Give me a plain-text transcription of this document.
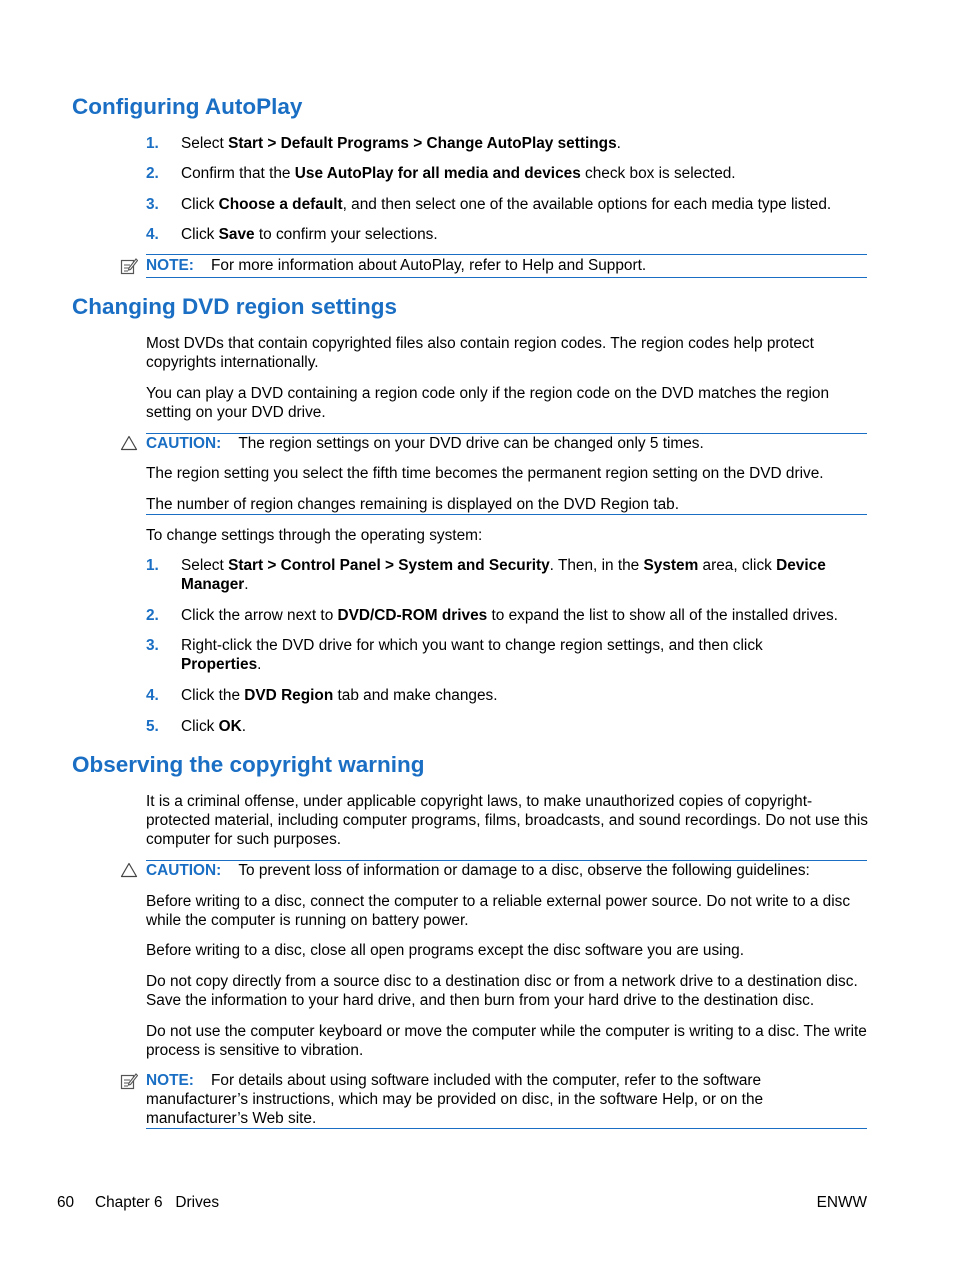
Configuring AutoPlay
1. Select Start > Default Programs > Change AutoPlay settings.
2. Confirm that the Use AutoPlay for all media and devices check box is selected.
3. Click Choose a default, and then select one of the available options for each media type listed.
4. Click Save to confirm your selections.
NOTE: For more information about AutoPlay, refer to Help and Support.
Changing DVD region settings
Most DVDs that contain copyrighted files also contain region codes. The region codes help protect copyrights internationally.
You can play a DVD containing a region code only if the region code on the DVD matches the region setting on your DVD drive.
CAUTION: The region settings on your DVD drive can be changed only 5 times.
The region setting you select the fifth time becomes the permanent region setting on the DVD drive.
The number of region changes remaining is displayed on the DVD Region tab.
To change settings through the operating system:
1. Select Start > Control Panel > System and Security. Then, in the System area, click Device Manager.
2. Click the arrow next to DVD/CD-ROM drives to expand the list to show all of the installed drives.
3. Right-click the DVD drive for which you want to change region settings, and then click Properties.
4. Click the DVD Region tab and make changes.
5. Click OK.
Observing the copyright warning
It is a criminal offense, under applicable copyright laws, to make unauthorized copies of copyright-protected material, including computer programs, films, broadcasts, and sound recordings. Do not use this computer for such purposes.
CAUTION: To prevent loss of information or damage to a disc, observe the following guidelines:
Before writing to a disc, connect the computer to a reliable external power source. Do not write to a disc while the computer is running on battery power.
Before writing to a disc, close all open programs except the disc software you are using.
Do not copy directly from a source disc to a destination disc or from a network drive to a destination disc. Save the information to your hard drive, and then burn from your hard drive to the destination disc.
Do not use the computer keyboard or move the computer while the computer is writing to a disc. The write process is sensitive to vibration.
NOTE: For details about using software included with the computer, refer to the software manufacturer’s instructions, which may be provided on disc, in the software Help, or on the manufacturer’s Web site.
60 Chapter 6   Drives	ENWW
